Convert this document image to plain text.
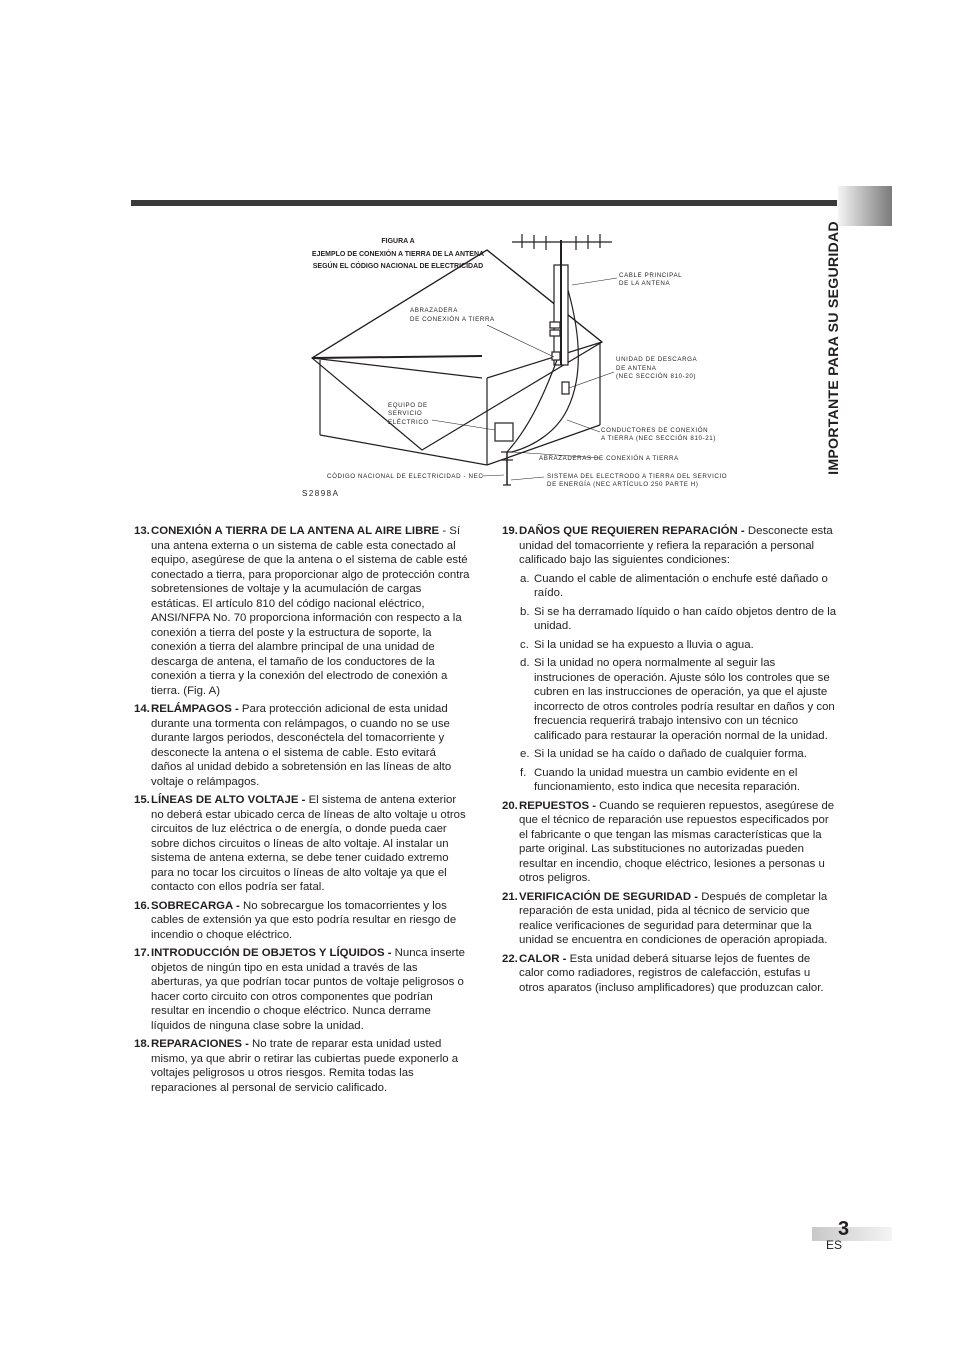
IMPORTANTE PARA SU SEGURIDAD
FIGURA A
EJEMPLO DE CONEXIÓN A TIERRA DE LA ANTENA
SEGÚN EL CÓDIGO NACIONAL DE ELECTRICIDAD
CABLE PRINCIPAL
DE LA ANTENA
ABRAZADERA
DE CONEXIÓN A TIERRA
UNIDAD DE DESCARGA
DE ANTENA
(NEC SECCIÓN 810-20)
EQUIPO DE
SERVICIO
ELÉCTRICO
CONDUCTORES DE CONEXIÓN
A TIERRA (NEC SECCIÓN 810-21)
ABRAZADERAS DE CONEXIÓN A TIERRA
CÓDIGO NACIONAL DE ELECTRICIDAD - NEC	SISTEMA DEL ELECTRODO A TIERRA DEL SERVICIO
DE ENERGÍA (NEC ARTÍCULO 250 PARTE H)
S2898A
13. CONEXIÓN A TIERRA DE LA ANTENA AL AIRE LIBRE - Sí una antena externa o un sistema de cable esta conectado al equipo, asegúrese de que la antena o el sistema de cable esté conectado a tierra, para proporcionar algo de protección contra sobretensiones de voltaje y la acumulación de cargas estáticas. El artículo 810 del código nacional eléctrico, ANSI/NFPA No. 70 proporciona información con respecto a la conexión a tierra del poste y la estructura de soporte, la conexión a tierra del alambre principal de una unidad de descarga de antena, el tamaño de los conductores de la conexión a tierra y la conexión del electrodo de conexión a tierra. (Fig. A)
14. RELÁMPAGOS - Para protección adicional de esta unidad durante una tormenta con relámpagos, o cuando no se use durante largos periodos, desconéctela del tomacorriente y desconecte la antena o el sistema de cable. Esto evitará daños al unidad debido a sobretensión en las líneas de alto voltaje o relámpagos.
15. LÍNEAS DE ALTO VOLTAJE - El sistema de antena exterior no deberá estar ubicado cerca de líneas de alto voltaje u otros circuitos de luz eléctrica o de energía, o donde pueda caer sobre dichos circuitos o líneas de alto voltaje. Al instalar un sistema de antena externa, se debe tener cuidado extremo para no tocar los circuitos o líneas de alto voltaje ya que el contacto con ellos podría ser fatal.
16. SOBRECARGA - No sobrecargue los tomacorrientes y los cables de extensión ya que esto podría resultar en riesgo de incendio o choque eléctrico.
17. INTRODUCCIÓN DE OBJETOS Y LÍQUIDOS - Nunca inserte objetos de ningún tipo en esta unidad a través de las aberturas, ya que podrían tocar puntos de voltaje peligrosos o hacer corto circuito con otros componentes que podrían resultar en incendio o choque eléctrico. Nunca derrame líquidos de ninguna clase sobre la unidad.
18. REPARACIONES - No trate de reparar esta unidad usted mismo, ya que abrir o retirar las cubiertas puede exponerlo a voltajes peligrosos u otros riesgos. Remita todas las reparaciones al personal de servicio calificado.
19. DAÑOS QUE REQUIEREN REPARACIÓN - Desconecte esta unidad del tomacorriente y refiera la reparación a personal calificado bajo las siguientes condiciones:
a. Cuando el cable de alimentación o enchufe esté dañado o raído.
b. Si se ha derramado líquido o han caído objetos dentro de la unidad.
c. Si la unidad se ha expuesto a lluvia o agua.
d. Si la unidad no opera normalmente al seguir las instruciones de operación. Ajuste sólo los controles que se cubren en las instrucciones de operación, ya que el ajuste incorrecto de otros controles podría resultar en daños y con frecuencia requerirá trabajo intensivo con un técnico calificado para restaurar la operación normal de la unidad.
e. Si la unidad se ha caído o dañado de cualquier forma.
f. Cuando la unidad muestra un cambio evidente en el funcionamiento, esto indica que necesita reparación.
20. REPUESTOS - Cuando se requieren repuestos, asegúrese de que el técnico de reparación use repuestos especificados por el fabricante o que tengan las mismas características que la parte original. Las substituciones no autorizadas pueden resultar en incendio, choque eléctrico, lesiones a personas u otros peligros.
21. VERIFICACIÓN DE SEGURIDAD - Después de completar la reparación de esta unidad, pida al técnico de servicio que realice verificaciones de seguridad para determinar que la unidad se encuentra en condiciones de operación apropiada.
22. CALOR - Esta unidad deberá situarse lejos de fuentes de calor como radiadores, registros de calefacción, estufas u otros aparatos (incluso amplificadores) que produzcan calor.
3
ES
